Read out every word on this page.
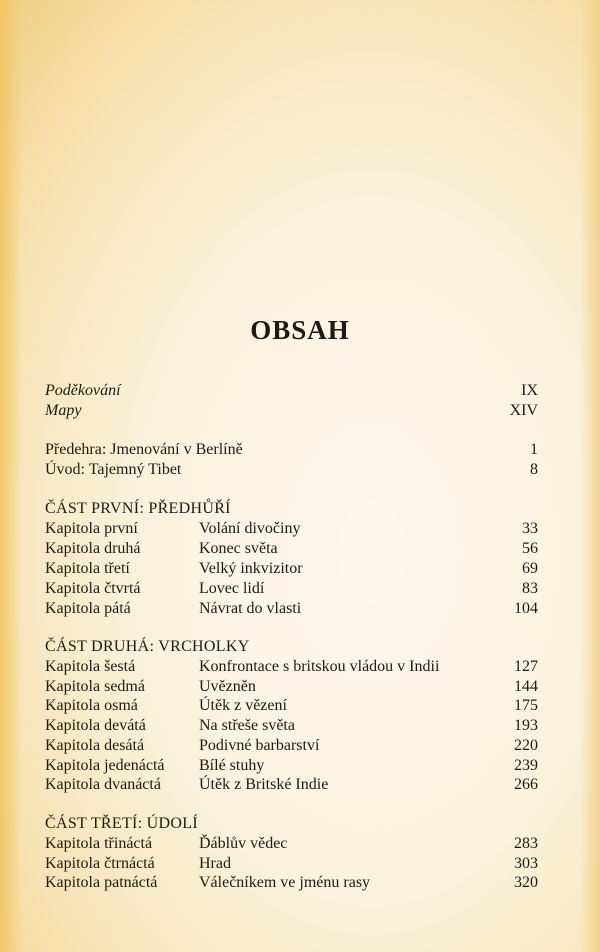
OBSAH
Poděkování	IX
Mapy	XIV
Předehra: Jmenování v Berlíně	1
Úvod: Tajemný Tibet	8
ČÁST PRVNÍ: PŘEDHŮŘÍ
Kapitola první	Volání divočiny	33
Kapitola druhá	Konec světa	56
Kapitola třetí	Velký inkvizitor	69
Kapitola čtvrtá	Lovec lidí	83
Kapitola pátá	Návrat do vlasti	104
ČÁST DRUHÁ: VRCHOLKY
Kapitola šestá	Konfrontace s britskou vládou v Indii	127
Kapitola sedmá	Uvězněn	144
Kapitola osmá	Útěk z vězení	175
Kapitola devátá	Na střeše světa	193
Kapitola desátá	Podivné barbarství	220
Kapitola jedenáctá Bílé stuhy	239
Kapitola dvanáctá Útěk z Britské Indie	266
ČÁST TŘETÍ: ÚDOLÍ
Kapitola třináctá	Ďáblův vědec	283
Kapitola čtrnáctá	Hrad	303
Kapitola patnáctá	Válečníkem ve jménu rasy	320
